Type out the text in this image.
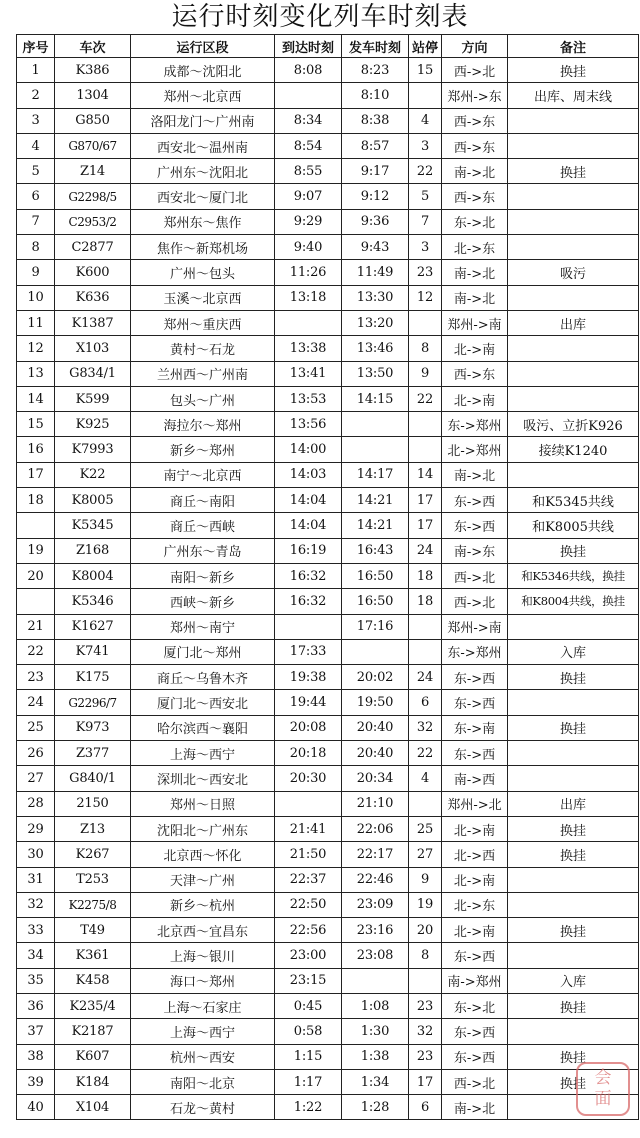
运行时刻变化列车时刻表
序号	车次	运行区段	到达时刻	发车时刻	站停	方向	备注
1	K386	成都～沈阳北	8:08	8:23	15	西->北	换挂
2	1304	郑州～北京西		8:10		郑州->东	出库、周末线
3	G850	洛阳龙门～广州南	8:34	8:38	4	西->东	
4	G870/67	西安北～温州南	8:54	8:57	3	西->东	
5	Z14	广州东～沈阳北	8:55	9:17	22	南->北	换挂
6	G2298/5	西安北～厦门北	9:07	9:12	5	西->东	
7	C2953/2	郑州东～焦作	9:29	9:36	7	东->北	
8	C2877	焦作～新郑机场	9:40	9:43	3	北->东	
9	K600	广州～包头	11:26	11:49	23	南->北	吸污
10	K636	玉溪～北京西	13:18	13:30	12	南->北	
11	K1387	郑州～重庆西		13:20		郑州->南	出库
12	X103	黄村～石龙	13:38	13:46	8	北->南	
13	G834/1	兰州西～广州南	13:41	13:50	9	西->东	
14	K599	包头～广州	13:53	14:15	22	北->南	
15	K925	海拉尔～郑州	13:56			东->郑州	吸污、立折K926
16	K7993	新乡～郑州	14:00			北->郑州	接续K1240
17	K22	南宁～北京西	14:03	14:17	14	南->北	
18	K8005	商丘～南阳	14:04	14:21	17	东->西	和K5345共线
	K5345	商丘～西峡	14:04	14:21	17	东->西	和K8005共线
19	Z168	广州东～青岛	16:19	16:43	24	南->东	换挂
20	K8004	南阳～新乡	16:32	16:50	18	西->北	和K5346共线，换挂
	K5346	西峡～新乡	16:32	16:50	18	西->北	和K8004共线，换挂
21	K1627	郑州～南宁		17:16		郑州->南	
22	K741	厦门北～郑州	17:33			东->郑州	入库
23	K175	商丘～乌鲁木齐	19:38	20:02	24	东->西	换挂
24	G2296/7	厦门北～西安北	19:44	19:50	6	东->西	
25	K973	哈尔滨西～襄阳	20:08	20:40	32	东->南	换挂
26	Z377	上海～西宁	20:18	20:40	22	东->西	
27	G840/1	深圳北～西安北	20:30	20:34	4	南->西	
28	2150	郑州～日照		21:10		郑州->北	出库
29	Z13	沈阳北～广州东	21:41	22:06	25	北->南	换挂
30	K267	北京西～怀化	21:50	22:17	27	北->西	换挂
31	T253	天津～广州	22:37	22:46	9	北->南	
32	K2275/8	新乡～杭州	22:50	23:09	19	北->东	
33	T49	北京西～宜昌东	22:56	23:16	20	北->南	换挂
34	K361	上海～银川	23:00	23:08	8	东->西	
35	K458	海口～郑州	23:15			南->郑州	入库
36	K235/4	上海～石家庄	0:45	1:08	23	东->北	换挂
37	K2187	上海～西宁	0:58	1:30	32	东->西	
38	K607	杭州～西安	1:15	1:38	23	东->西	换挂
39	K184	南阳～北京	1:17	1:34	17	西->北	换挂
40	X104	石龙～黄村	1:22	1:28	6	南->北	
会
面
